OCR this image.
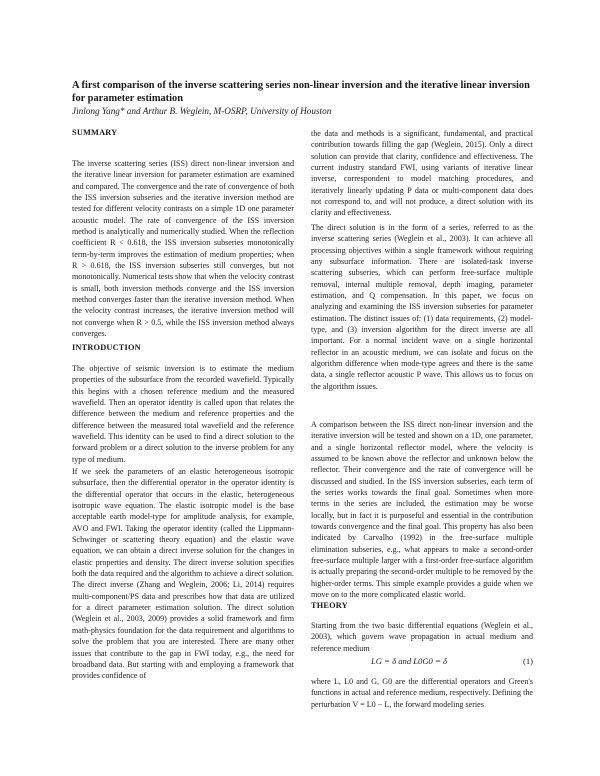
A first comparison of the inverse scattering series non-linear inversion and the iterative linear inversion for parameter estimation
Jinlong Yang* and Arthur B. Weglein, M-OSRP, University of Houston
SUMMARY

The inverse scattering series (ISS) direct non-linear inversion and the iterative linear inversion for parameter estimation are examined and compared. The convergence and the rate of convergence of both the ISS inversion subseries and the iterative inversion method are tested for different velocity contrasts on a simple 1D one parameter acoustic model. The rate of convergence of the ISS inversion method is analytically and numerically studied. When the reflection coefficient R < 0.618, the ISS inversion subseries monotonically term-by-term improves the estimation of medium properties; when R > 0.618, the ISS inversion subseries still converges, but not monotonically. Numerical tests show that when the velocity contrast is small, both inversion methods converge and the ISS inversion method converges faster than the iterative inversion method. When the velocity contrast increases, the iterative inversion method will not converge when R > 0.5, while the ISS inversion method always converges.

INTRODUCTION

The objective of seismic inversion is to estimate the medium properties of the subsurface from the recorded wavefield. Typically this begins with a chosen reference medium and the measured wavefield. Then an operator identity is called upon that relates the difference between the medium and reference properties and the difference between the measured total wavefield and the reference wavefield. This identity can be used to find a direct solution to the forward problem or a direct solution to the inverse problem for any type of medium.

If we seek the parameters of an elastic heterogeneous isotropic subsurface, then the differential operator in the operator identity is the differential operator that occurs in the elastic, heterogeneous isotropic wave equation. The elastic isotropic model is the base acceptable earth model-type for amplitude analysis, for example, AVO and FWI. Taking the operator identity (called the Lippmann-Schwinger or scattering theory equation) and the elastic wave equation, we can obtain a direct inverse solution for the changes in elastic properties and density. The direct inverse solution specifies both the data required and the algorithm to achieve a direct solution. The direct inverse (Zhang and Weglein, 2006; Li, 2014) requires multi-component/PS data and prescribes how that data are utilized for a direct parameter estimation solution. The direct solution (Weglein et al., 2003, 2009) provides a solid framework and firm math-physics foundation for the data requirement and algorithms to solve the problem that you are interested. There are many other issues that contribute to the gap in FWI today, e.g., the need for broadband data. But starting with and employing a framework that provides confidence of

the data and methods is a significant, fundamental, and practical contribution towards filling the gap (Weglein, 2015). Only a direct solution can provide that clarity, confidence and effectiveness. The current industry standard FWI, using variants of iterative linear inverse, correspondent to model matching procedures, and iteratively linearly updating P data or multi-component data does not correspond to, and will not produce, a direct solution with its clarity and effectiveness.

The direct solution is in the form of a series, referred to as the inverse scattering series (Weglein et al., 2003). It can achieve all processing objectives within a single framework without requiring any subsurface information. There are isolated-task inverse scattering subseries, which can perform free-surface multiple removal, internal multiple removal, depth imaging, parameter estimation, and Q compensation. In this paper, we focus on analyzing and examining the ISS inversion subseries for parameter estimation. The distinct issues of: (1) data requirements, (2) model-type, and (3) inversion algorithm for the direct inverse are all important. For a normal incident wave on a single horizontal reflector in an acoustic medium, we can isolate and focus on the algorithm difference when mode-type agrees and there is the same data, a single reflector acoustic P wave. This allows us to focus on the algorithm issues.

A comparison between the ISS direct non-linear inversion and the iterative inversion will be tested and shown on a 1D, one parameter, and a single horizontal reflector model, where the velocity is assumed to be known above the reflector and unknown below the reflector. Their convergence and the rate of convergence will be discussed and studied. In the ISS inversion subseries, each term of the series works towards the final goal. Sometimes when more terms in the series are included, the estimation may be worse locally, but in fact it is purposeful and essential in the contribution towards convergence and the final goal. This property has also been indicated by Carvalho (1992) in the free-surface multiple elimination subseries, e.g., what appears to make a second-order free-surface multiple larger with a first-order free-surface algorithm is actually preparing the second-order multiple to be removed by the higher-order terms. This simple example provides a guide when we move on to the more complicated elastic world.

THEORY

Starting from the two basic differential equations (Weglein et al., 2003), which govern wave propagation in actual medium and reference medium

LG = δ and L0G0 = δ	(1)

where L, L0 and G, G0 are the differential operators and Green's functions in actual and reference medium, respectively. Defining the perturbation V = L0 − L, the forward modeling series
